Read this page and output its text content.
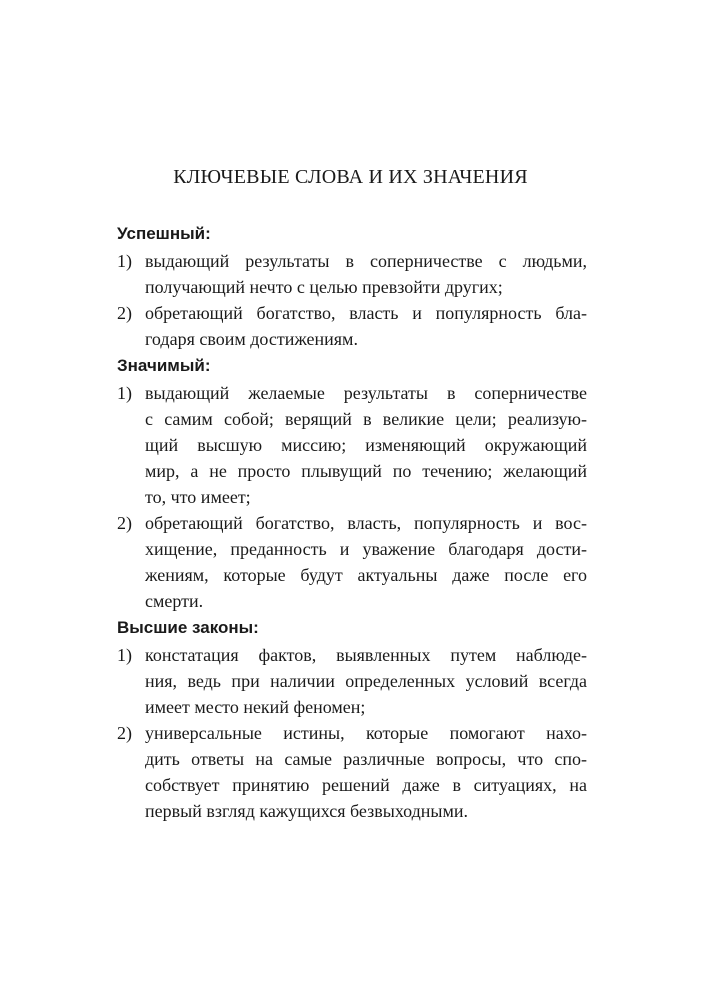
КЛЮЧЕВЫЕ СЛОВА И ИХ ЗНАЧЕНИЯ
Успешный:
1) выдающий результаты в соперничестве с людьми,
получающий нечто с целью превзойти других;
2) обретающий богатство, власть и популярность бла-
годаря своим достижениям.
Значимый:
1) выдающий желаемые результаты в соперничестве
с самим собой; верящий в великие цели; реализую-
щий высшую миссию; изменяющий окружающий
мир, а не просто плывущий по течению; желающий
то, что имеет;
2) обретающий богатство, власть, популярность и вос-
хищение, преданность и уважение благодаря дости-
жениям, которые будут актуальны даже после его
смерти.
Высшие законы:
1) констатация фактов, выявленных путем наблюде-
ния, ведь при наличии определенных условий всегда
имеет место некий феномен;
2) универсальные истины, которые помогают нахо-
дить ответы на самые различные вопросы, что спо-
собствует принятию решений даже в ситуациях, на
первый взгляд кажущихся безвыходными.
